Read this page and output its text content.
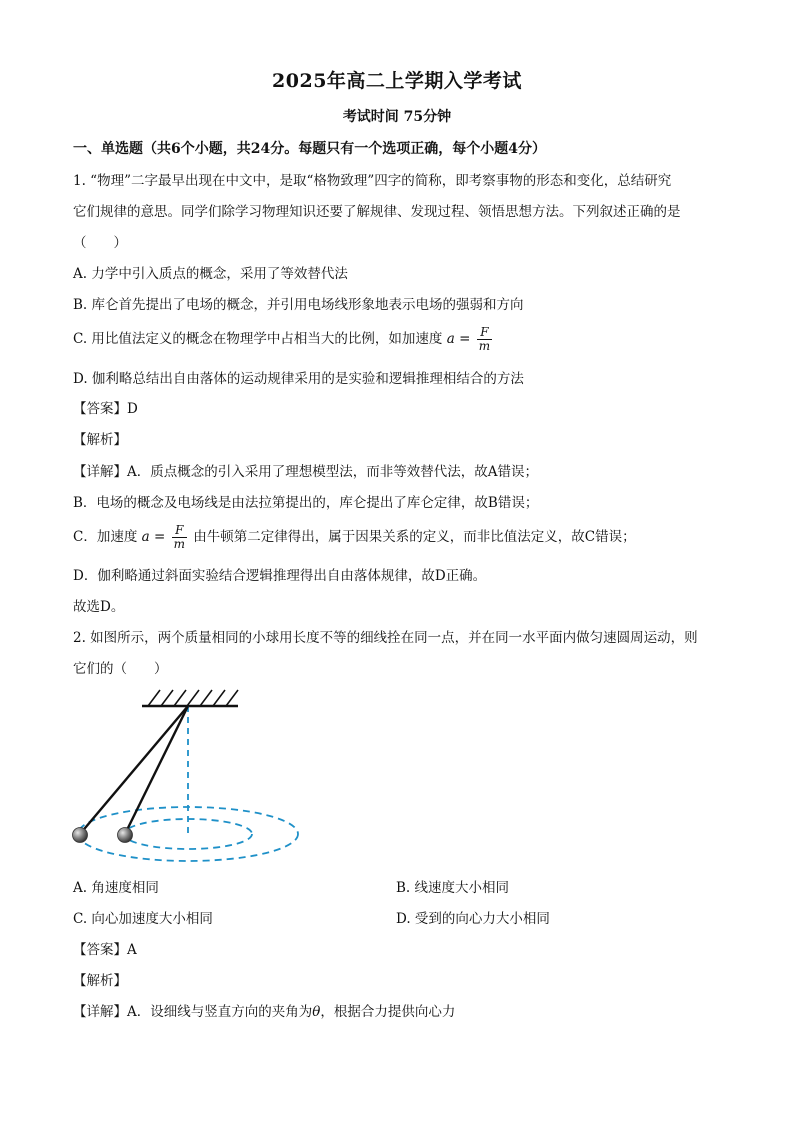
2025年高二上学期入学考试
考试时间 75分钟
一、单选题（共6个小题，共24分。每题只有一个选项正确，每个小题4分）
1. “物理”二字最早出现在中文中，是取“格物致理”四字的简称，即考察事物的形态和变化，总结研究
它们规律的意思。同学们除学习物理知识还要了解规律、发现过程、领悟思想方法。下列叙述正确的是
（　　）
A. 力学中引入质点的概念，采用了等效替代法
B. 库仑首先提出了电场的概念，并引用电场线形象地表示电场的强弱和方向
C. 用比值法定义的概念在物理学中占相当大的比例，如加速度 $a = \frac{F}{m}$
D. 伽利略总结出自由落体的运动规律采用的是实验和逻辑推理相结合的方法
【答案】D
【解析】
【详解】A．质点概念的引入采用了理想模型法，而非等效替代法，故A错误；
B．电场的概念及电场线是由法拉第提出的，库仑提出了库仑定律，故B错误；
C．加速度 $a = \frac{F}{m}$ 由牛顿第二定律得出，属于因果关系的定义，而非比值法定义，故C错误；
D．伽利略通过斜面实验结合逻辑推理得出自由落体规律，故D正确。
故选D。
2. 如图所示，两个质量相同的小球用长度不等的细线拴在同一点，并在同一水平面内做匀速圆周运动，则
它们的（　　）
A. 角速度相同	B. 线速度大小相同
C. 向心加速度大小相同	D. 受到的向心力大小相同
【答案】A
【解析】
【详解】A．设细线与竖直方向的夹角为θ，根据合力提供向心力
